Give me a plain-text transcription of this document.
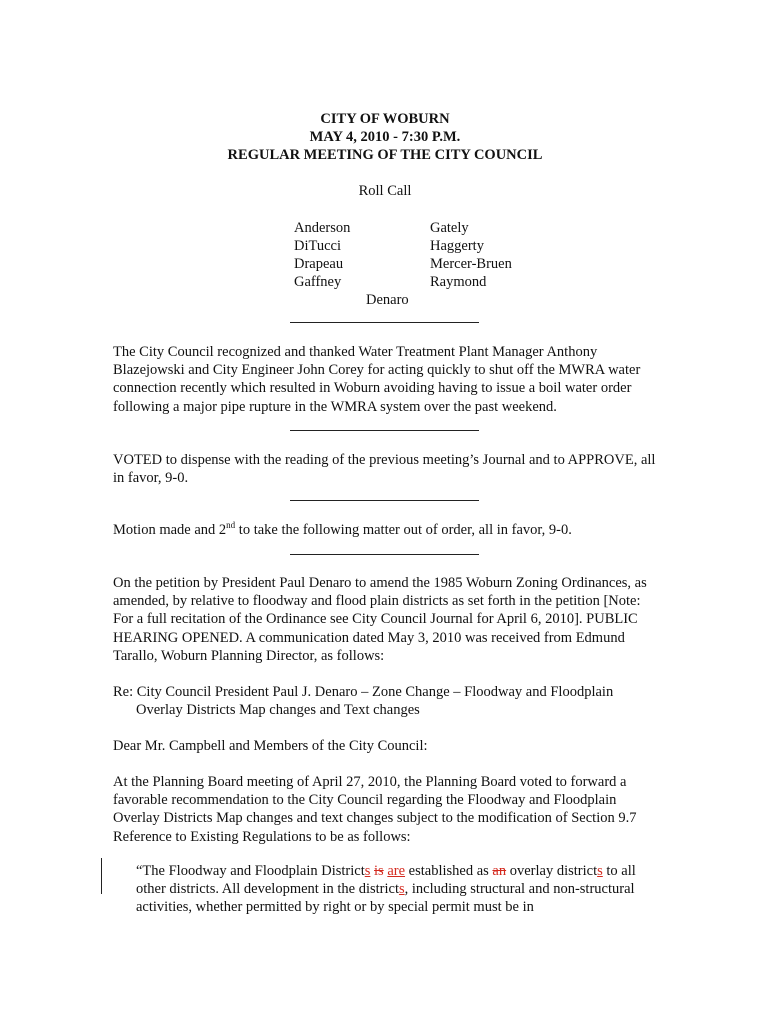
CITY OF WOBURN
MAY 4, 2010 - 7:30 P.M.
REGULAR MEETING OF THE CITY COUNCIL
Roll Call
Anderson
DiTucci
Drapeau
Gaffney
Gately
Haggerty
Mercer-Bruen
Raymond
Denaro
The City Council recognized and thanked Water Treatment Plant Manager Anthony Blazejowski and City Engineer John Corey for acting quickly to shut off the MWRA water connection recently which resulted in Woburn avoiding having to issue a boil water order following a major pipe rupture in the WMRA system over the past weekend.
VOTED to dispense with the reading of the previous meeting’s Journal and to APPROVE, all in favor, 9-0.
Motion made and 2nd to take the following matter out of order, all in favor, 9-0.
On the petition by President Paul Denaro to amend the 1985 Woburn Zoning Ordinances, as amended, by relative to floodway and flood plain districts as set forth in the petition [Note: For a full recitation of the Ordinance see City Council Journal for April 6, 2010]. PUBLIC HEARING OPENED. A communication dated May 3, 2010 was received from Edmund Tarallo, Woburn Planning Director, as follows:
Re: City Council President Paul J. Denaro – Zone Change – Floodway and Floodplain Overlay Districts Map changes and Text changes
Dear Mr. Campbell and Members of the City Council:
At the Planning Board meeting of April 27, 2010, the Planning Board voted to forward a favorable recommendation to the City Council regarding the Floodway and Floodplain Overlay Districts Map changes and text changes subject to the modification of Section 9.7 Reference to Existing Regulations to be as follows:
“The Floodway and Floodplain Districts is are established as an overlay districts to all other districts. All development in the districts, including structural and non-structural activities, whether permitted by right or by special permit must be in
